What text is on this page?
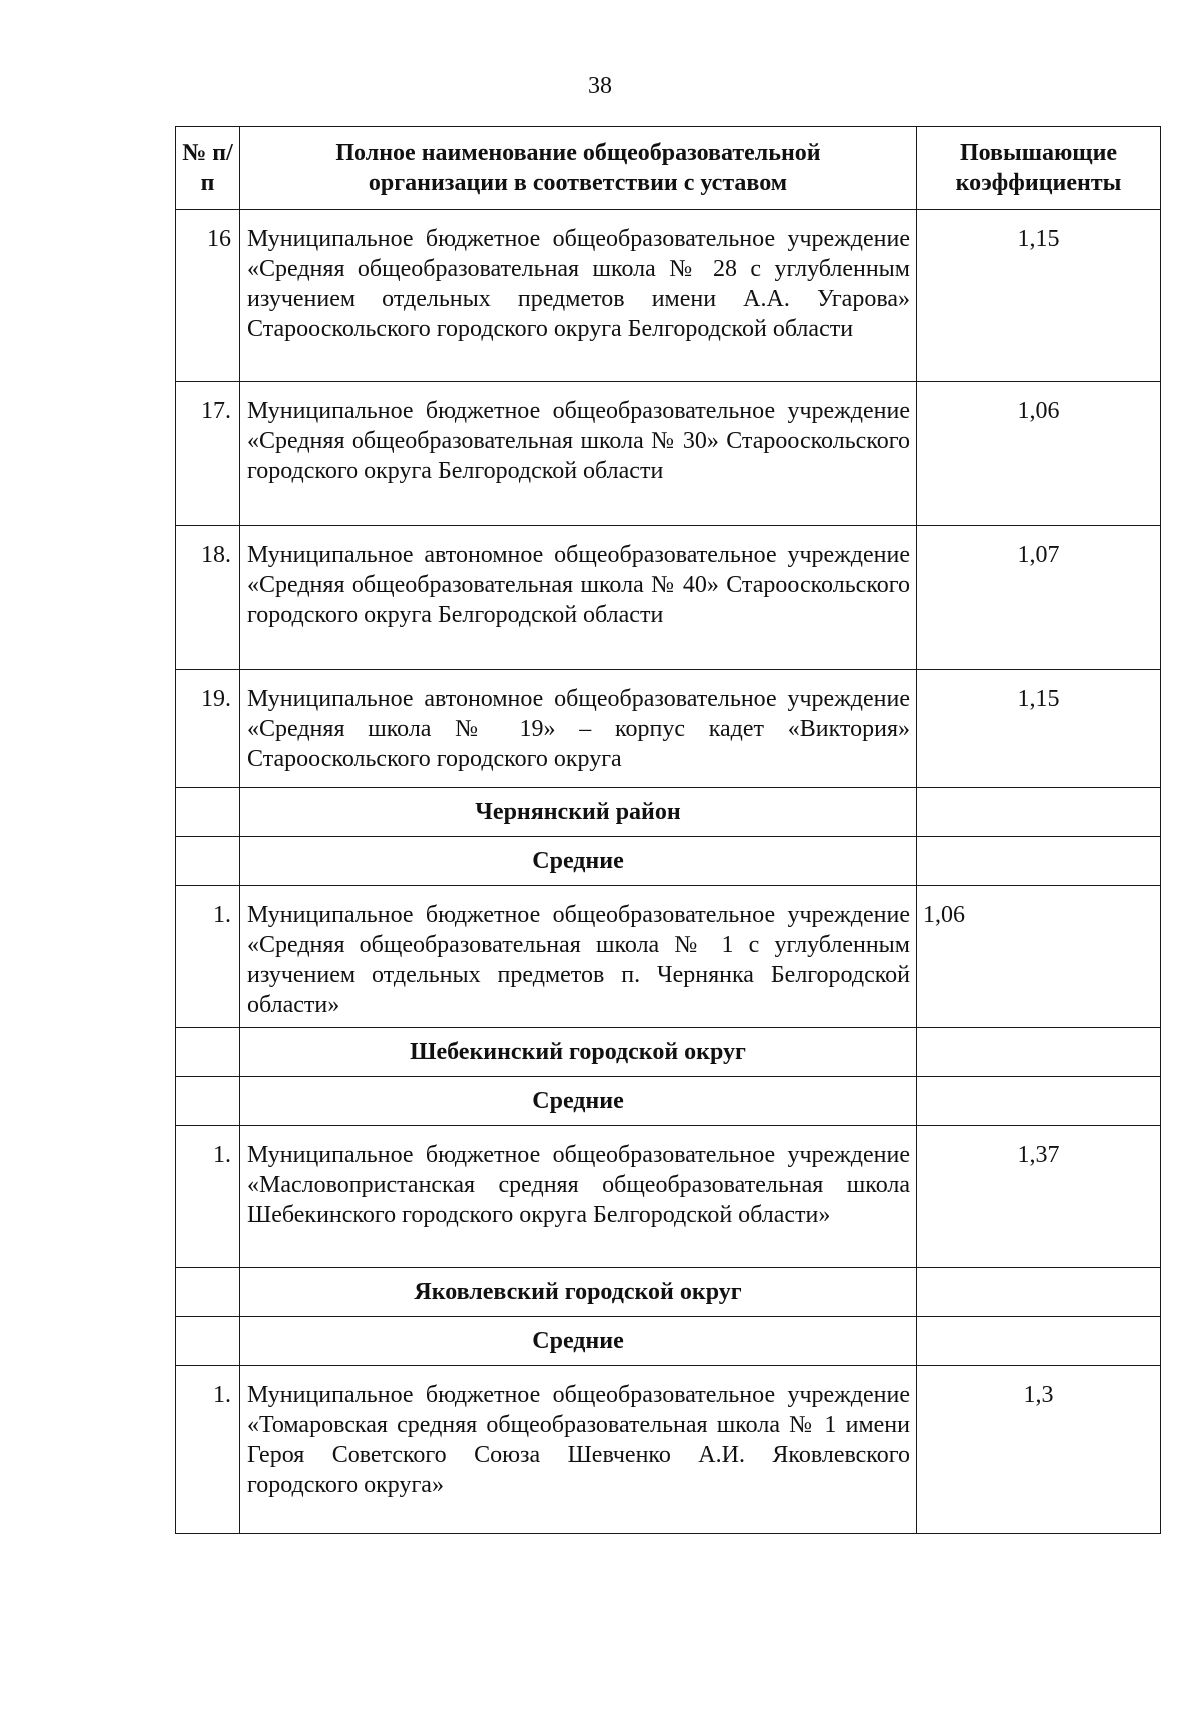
38
№ п/п	Полное наименование общеобразовательной организации в соответствии с уставом	Повышающие коэффициенты
16	Муниципальное бюджетное общеобразовательное учреждение «Средняя общеобразовательная школа № 28 с углубленным изучением отдельных предметов имени А.А. Угарова» Старооскольского городского округа Белгородской области	1,15
17.	Муниципальное бюджетное общеобразовательное учреждение «Средняя общеобразовательная школа № 30» Старооскольского городского округа Белгородской области	1,06
18.	Муниципальное автономное общеобразовательное учреждение «Средняя общеобразовательная школа № 40» Старооскольского городского округа Белгородской области	1,07
19.	Муниципальное автономное общеобразовательное учреждение «Средняя школа № 19» – корпус кадет «Виктория» Старооскольского городского округа	1,15
	Чернянский район	
	Средние	
1.	Муниципальное бюджетное общеобразовательное учреждение «Средняя общеобразовательная школа № 1 с углубленным изучением отдельных предметов п. Чернянка Белгородской области»	1,06
	Шебекинский городской округ	
	Средние	
1.	Муниципальное бюджетное общеобразовательное учреждение «Масловопристанская средняя общеобразовательная школа Шебекинского городского округа Белгородской области»	1,37
	Яковлевский городской округ	
	Средние	
1.	Муниципальное бюджетное общеобразовательное учреждение «Томаровская средняя общеобразовательная школа № 1 имени Героя Советского Союза Шевченко А.И. Яковлевского городского округа»	1,3
